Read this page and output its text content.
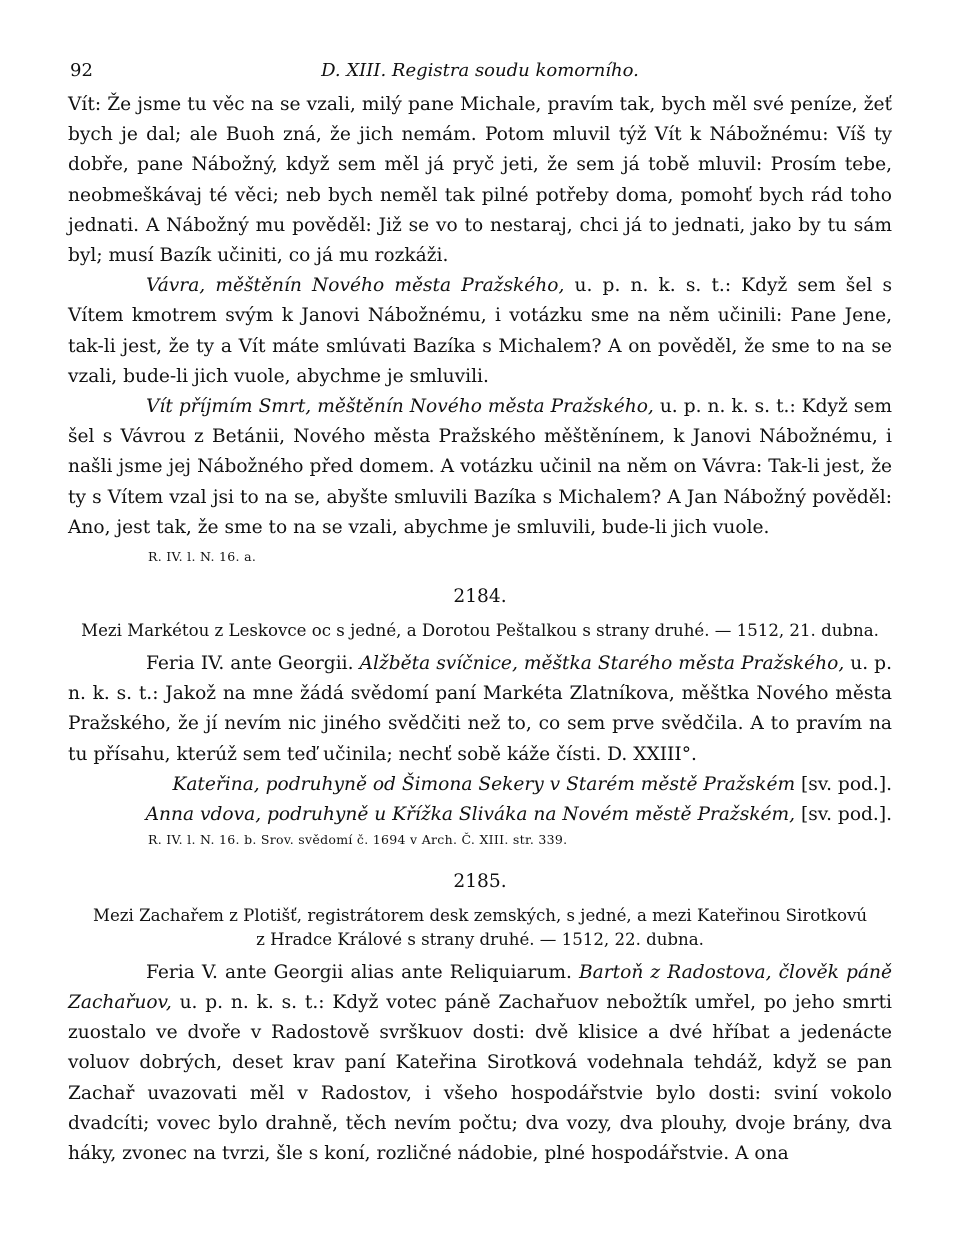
92	D. XIII. Registra soudu komorního.

Vít: Že jsme tu věc na se vzali, milý pane Michale, pravím tak, bych měl své peníze, žeť bych je dal; ale Buoh zná, že jich nemám. Potom mluvil týž Vít k Nábožnému: Víš ty dobře, pane Nábožný, když sem měl já pryč jeti, že sem já tobě mluvil: Prosím tebe, neobmeškávaj té věci; neb bych neměl tak pilné potřeby doma, pomohť bych rád toho jednati. A Nábožný mu pověděl: Již se vo to nestaraj, chci já to jednati, jako by tu sám byl; musí Bazík učiniti, co já mu rozkáži.

Vávra, měštěnín Nového města Pražského, u. p. n. k. s. t.: Když sem šel s Vítem kmotrem svým k Janovi Nábožnému, i votázku sme na něm učinili: Pane Jene, tak-li jest, že ty a Vít máte smlúvati Bazíka s Michalem? A on pověděl, že sme to na se vzali, bude-li jich vuole, abychme je smluvili.

Vít příjmím Smrt, měštěnín Nového města Pražského, u. p. n. k. s. t.: Když sem šel s Vávrou z Betánii, Nového města Pražského měštěnínem, k Janovi Nábožnému, i našli jsme jej Nábožného před domem. A votázku učinil na něm on Vávra: Tak-li jest, že ty s Vítem vzal jsi to na se, abyšte smluvili Bazíka s Michalem? A Jan Nábožný pověděl: Ano, jest tak, že sme to na se vzali, abychme je smluvili, bude-li jich vuole.

R. IV. l. N. 16. a.
2184.
Mezi Markétou z Leskovce oc s jedné, a Dorotou Peštalkou s strany druhé. — 1512, 21. dubna.

Feria IV. ante Georgii. Alžběta svíčnice, měštka Starého města Pražského, u. p. n. k. s. t.: Jakož na mne žádá svědomí paní Markéta Zlatníkova, měštka Nového města Pražského, že jí nevím nic jiného svědčiti než to, co sem prve svědčila. A to pravím na tu přísahu, kterúž sem teď učinila; nechť sobě káže čísti. D. XXIII°.

Kateřina, podruhyně od Šimona Sekery v Starém městě Pražském [sv. pod.].
Anna vdova, podruhyně u Křížka Sliváka na Novém městě Pražském, [sv. pod.].
R. IV. l. N. 16. b. Srov. svědomí č. 1694 v Arch. Č. XIII. str. 339.
2185.
Mezi Zachařem z Plotišť, registrátorem desk zemských, s jedné, a mezi Kateřinou Sirotkovú
z Hradce Králové s strany druhé. — 1512, 22. dubna.

Feria V. ante Georgii alias ante Reliquiarum. Bartoň z Radostova, člověk páně Zachařuov, u. p. n. k. s. t.: Když votec páně Zachařuov nebožtík umřel, po jeho smrti zuostalo ve dvoře v Radostově svrškuov dosti: dvě klisice a dvé hříbat a jedenácte voluov dobrých, deset krav paní Kateřina Sirotková vodehnala tehdáž, když se pan Zachař uvazovati měl v Radostov, i všeho hospodářstvie bylo dosti: sviní vokolo dvadcíti; vovec bylo drahně, těch nevím počtu; dva vozy, dva plouhy, dvoje brány, dva háky, zvonec na tvrzi, šle s koní, rozličné nádobie, plné hospodářstvie. A ona
